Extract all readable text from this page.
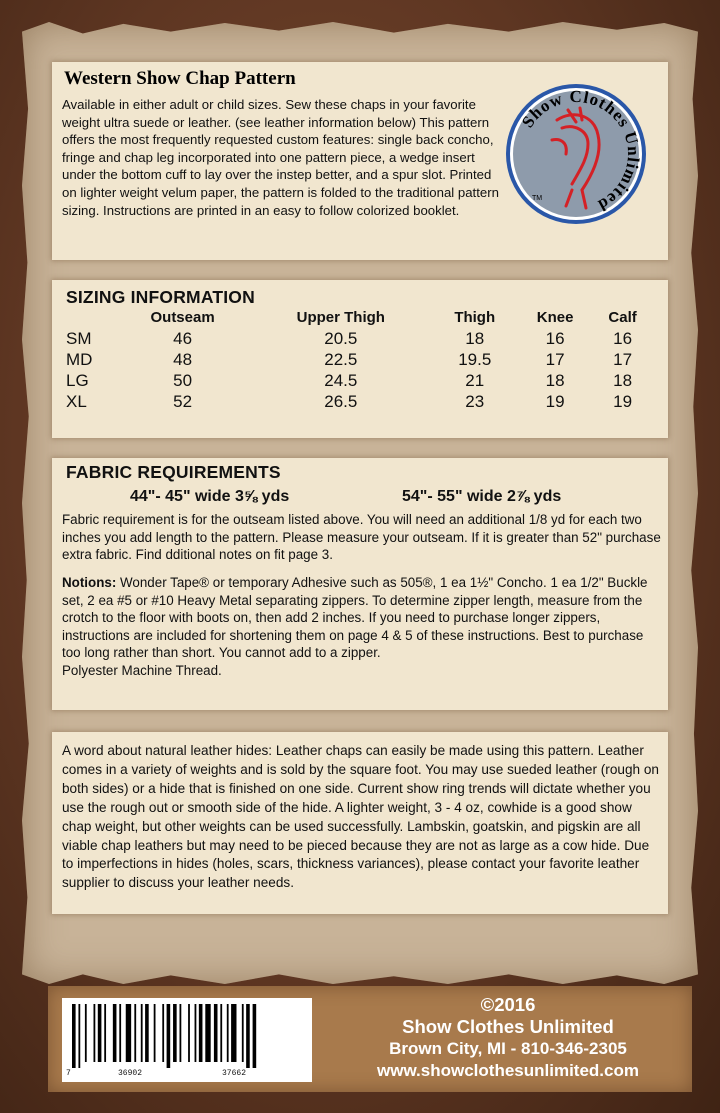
Western Show Chap Pattern
Available in either adult or child sizes. Sew these chaps in your favorite weight ultra suede or leather. (see leather information below) This pattern offers the most frequently requested custom features: single back concho, fringe and chap leg incorporated into one pattern piece, a wedge insert under the bottom cuff to lay over the instep better, and a spur slot. Printed on lighter weight velum paper, the pattern is folded to the traditional pattern sizing. Instructions are printed in an easy to follow colorized booklet.
Show Clothes Unlimited
TM
SIZING INFORMATION
	Outseam	Upper Thigh	Thigh	Knee	Calf
SM	46	20.5	18	16	16
MD	48	22.5	19.5	17	17
LG	50	24.5	21	18	18
XL	52	26.5	23	19	19
FABRIC REQUIREMENTS
44"- 45" wide 3⅝ yds	54"- 55" wide 2⅞ yds
Fabric requirement is for the outseam listed above. You will need an additional 1/8 yd for each two inches you add length to the pattern. Please measure your outseam. If it is greater than 52" purchase extra fabric. Find dditional notes on fit page 3.
Notions: Wonder Tape® or temporary Adhesive such as 505®, 1 ea 1½" Concho. 1 ea 1/2" Buckle set, 2 ea #5 or #10 Heavy Metal separating zippers. To determine zipper length, measure from the crotch to the floor with boots on, then add 2 inches. If you need to purchase longer zippers, instructions are included for shortening them on page 4 & 5 of these instructions. Best to purchase too long rather than short. You cannot add to a zipper.
Polyester Machine Thread.
A word about natural leather hides: Leather chaps can easily be made using this pattern. Leather comes in a variety of weights and is sold by the square foot. You may use sueded leather (rough on both sides) or a hide that is finished on one side. Current show ring trends will dictate whether you use the rough out or smooth side of the hide. A lighter weight, 3 - 4 oz, cowhide is a good show chap weight, but other weights can be used successfully. Lambskin, goatskin, and pigskin are all viable chap leathers but may need to be pieced because they are not as large as a cow hide. Due to imperfections in hides (holes, scars, thickness variances), please contact your favorite leather supplier to discuss your leather needs.
7	36902	37662
©2016
Show Clothes Unlimited
Brown City, MI - 810-346-2305
www.showclothesunlimited.com
